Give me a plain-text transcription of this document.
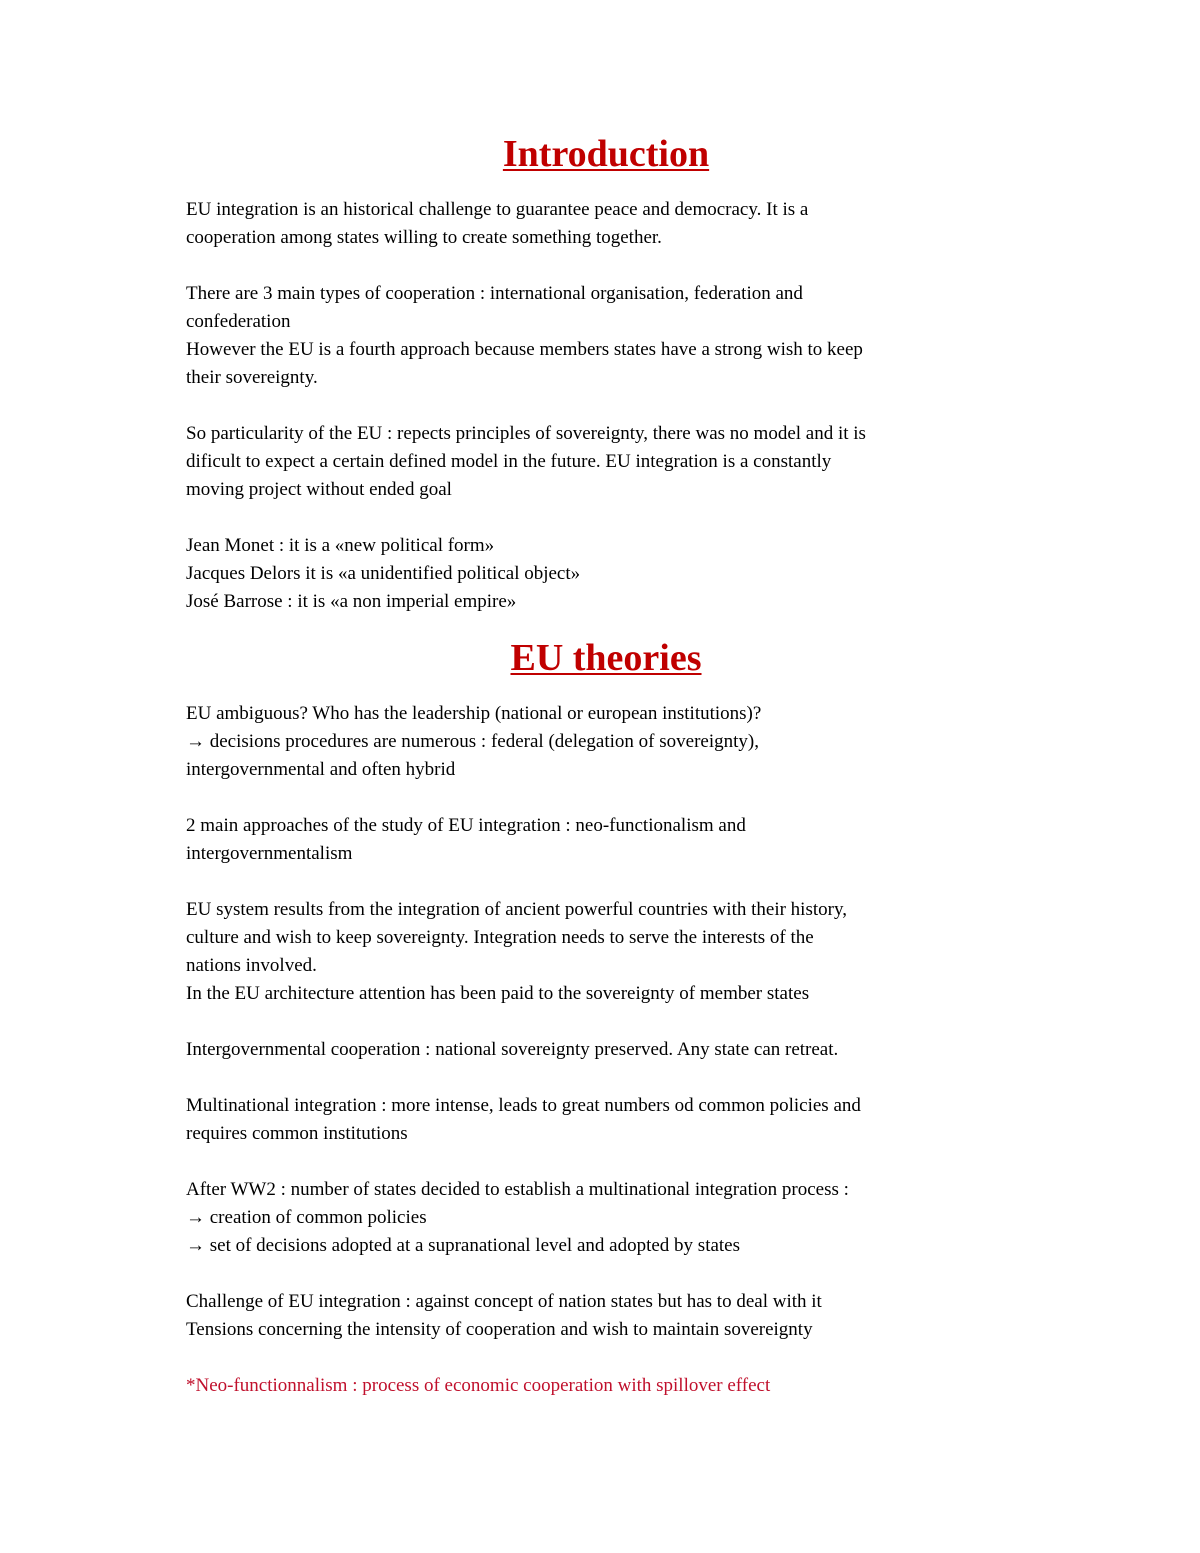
Introduction
EU integration is an historical challenge to guarantee peace and democracy. It is a
cooperation among states willing to create something together.
There are 3 main types of cooperation : international organisation, federation and
confederation
However the EU is a fourth approach because members states have a strong wish to keep
their sovereignty.
So particularity of the EU : repects principles of sovereignty, there was no model and it is
dificult to expect a certain defined model in the future. EU integration is a constantly
moving project without ended goal
Jean Monet : it is a «new political form»
Jacques Delors it is «a unidentified political object»
José Barrose : it is «a non imperial empire»
EU theories
EU ambiguous? Who has the leadership (national or european institutions)?
→ decisions procedures are numerous : federal (delegation of sovereignty),
intergovernmental and often hybrid
2 main approaches of the study of EU integration : neo-functionalism and
intergovernmentalism
EU system results from the integration of ancient powerful countries with their history,
culture and wish to keep sovereignty. Integration needs to serve the interests of the
nations involved.
In the EU architecture attention has been paid to the sovereignty of member states
Intergovernmental cooperation : national sovereignty preserved. Any state can retreat.
Multinational integration : more intense, leads to great numbers od common policies and
requires common institutions
After WW2 : number of states decided to establish a multinational integration process :
→ creation of common policies
→ set of decisions adopted at a supranational level and adopted by states
Challenge of EU integration : against concept of nation states but has to deal with it
Tensions concerning the intensity of cooperation and wish to maintain sovereignty
*Neo-functionnalism : process of economic cooperation with spillover effect
